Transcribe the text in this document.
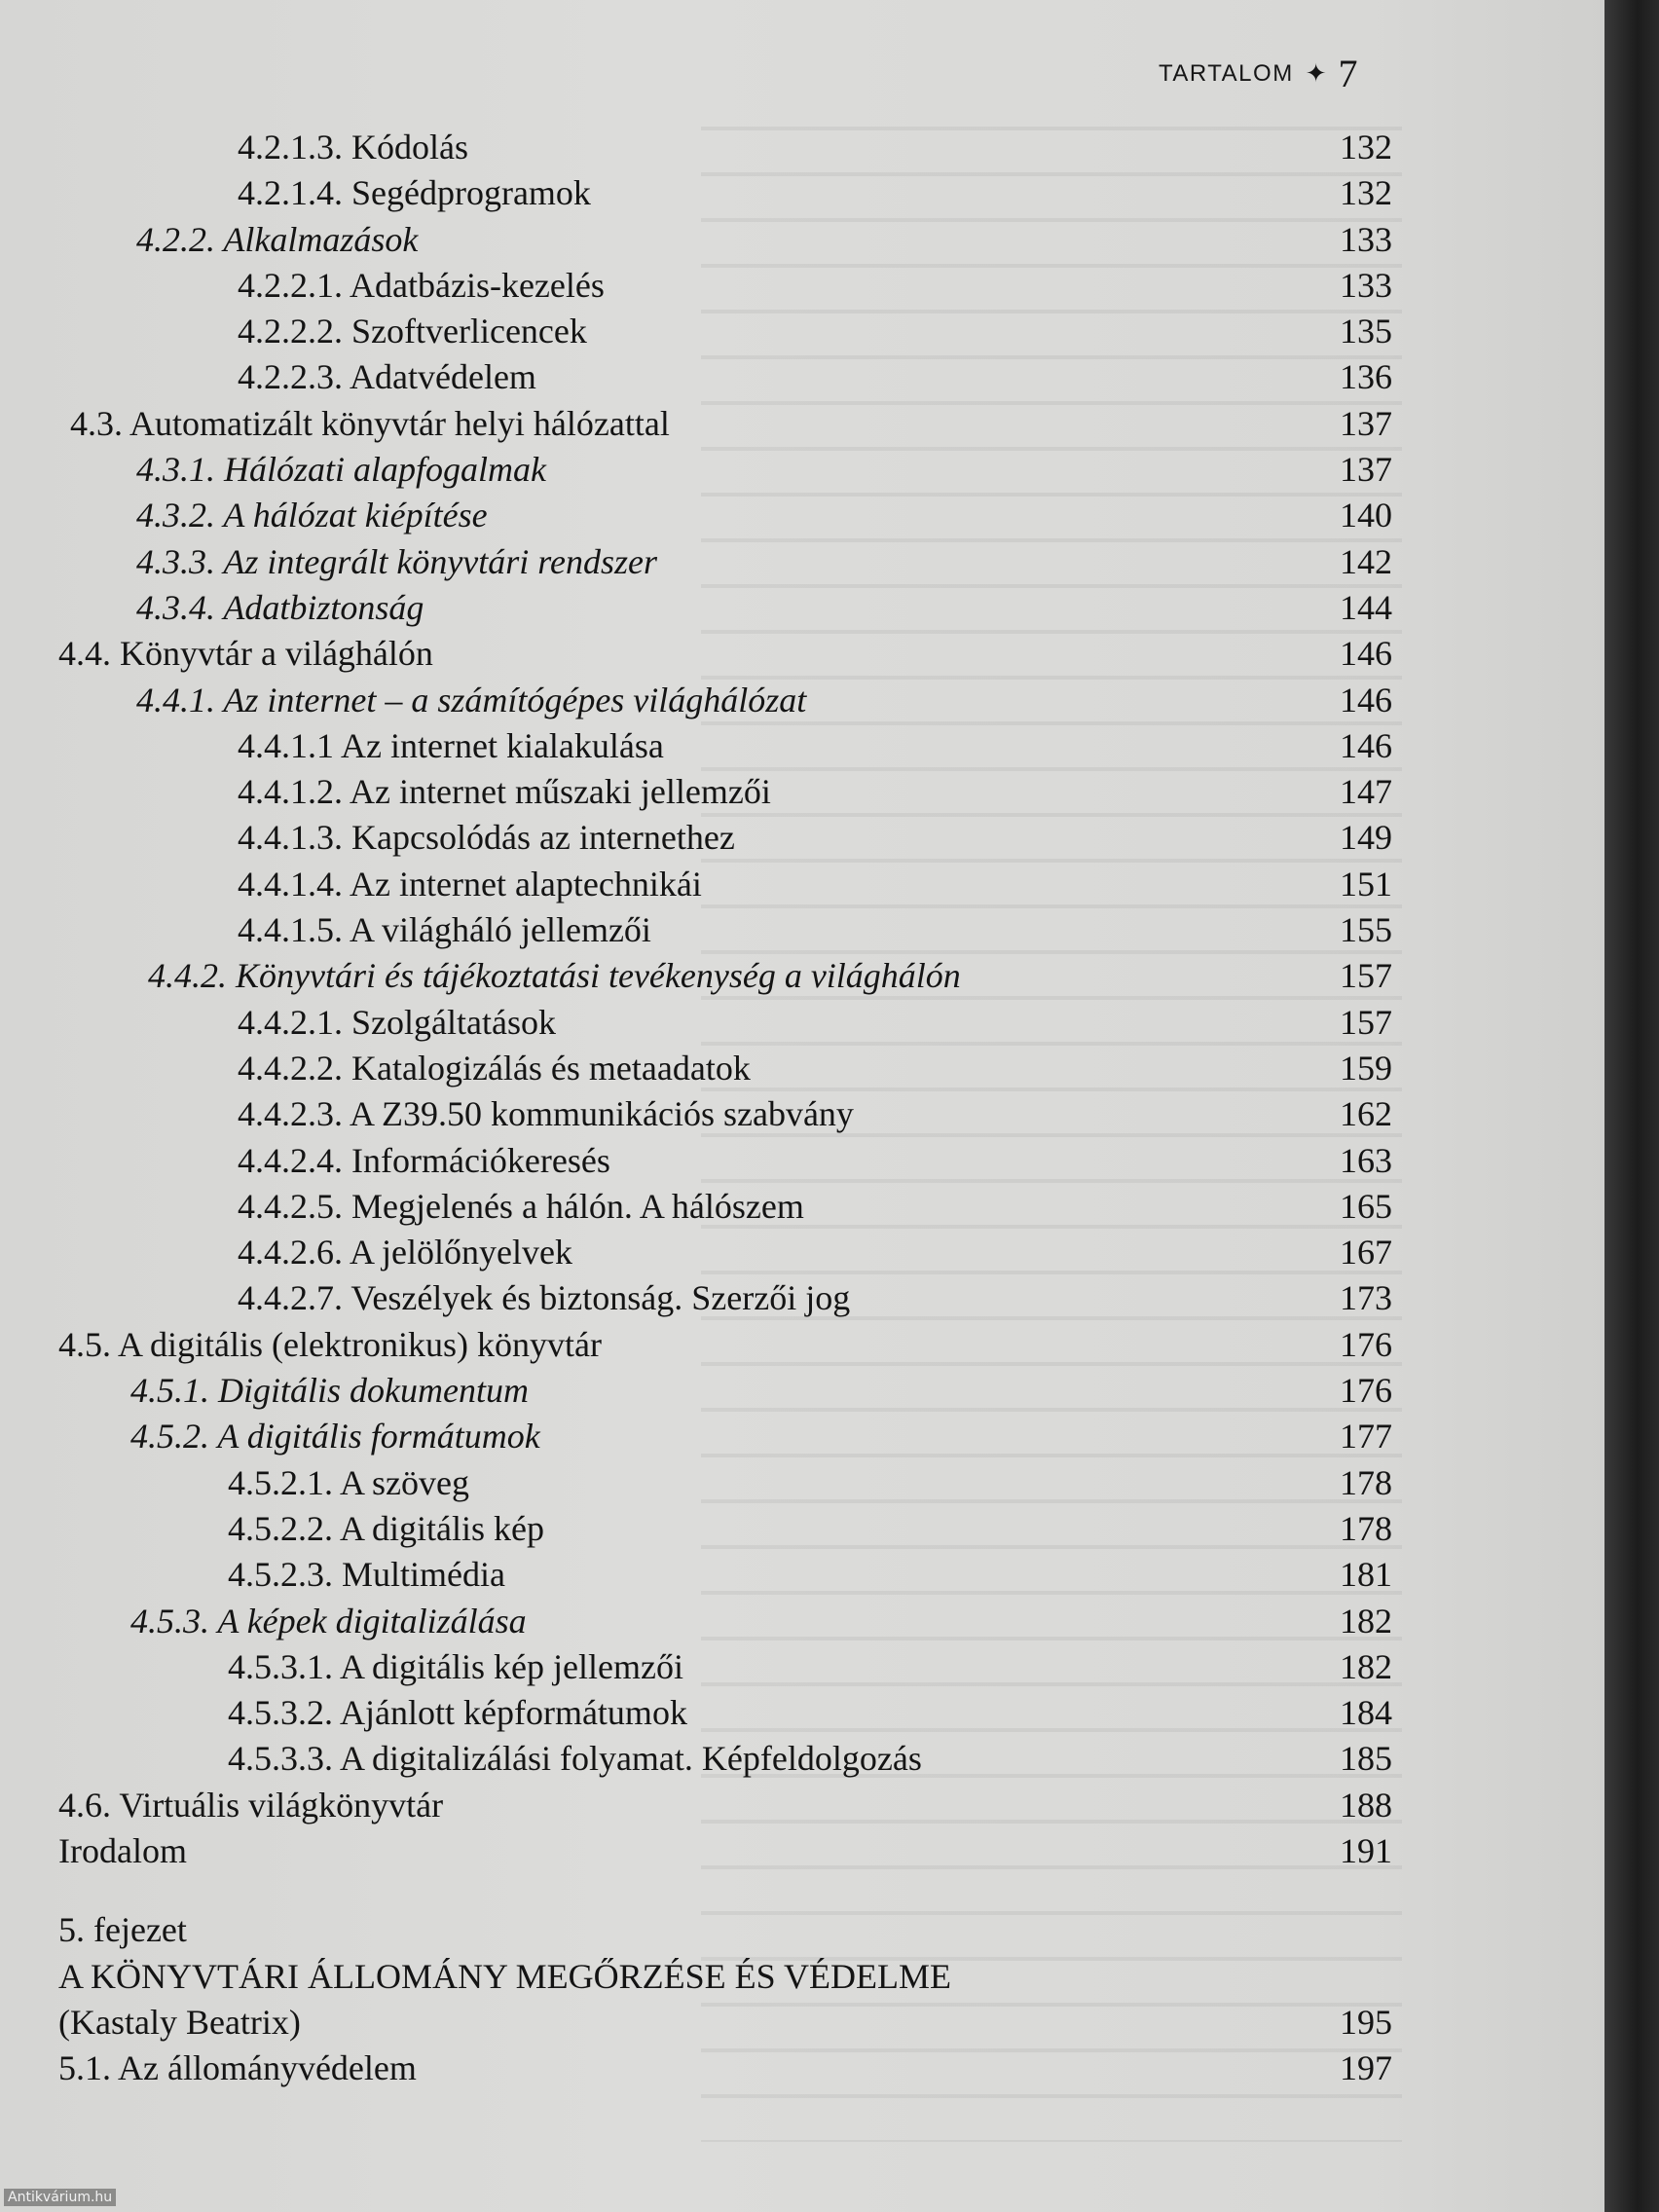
TARTALOM ✦ 7
4.2.1.3. Kódolás	132
4.2.1.4. Segédprogramok	132
4.2.2. Alkalmazások	133
4.2.2.1. Adatbázis-kezelés	133
4.2.2.2. Szoftverlicencek	135
4.2.2.3. Adatvédelem	136
4.3. Automatizált könyvtár helyi hálózattal	137
4.3.1. Hálózati alapfogalmak	137
4.3.2. A hálózat kiépítése	140
4.3.3. Az integrált könyvtári rendszer	142
4.3.4. Adatbiztonság	144
4.4. Könyvtár a világhálón	146
4.4.1. Az internet – a számítógépes világhálózat	146
4.4.1.1 Az internet kialakulása	146
4.4.1.2. Az internet műszaki jellemzői	147
4.4.1.3. Kapcsolódás az internethez	149
4.4.1.4. Az internet alaptechnikái	151
4.4.1.5. A világháló jellemzői	155
4.4.2. Könyvtári és tájékoztatási tevékenység a világhálón	157
4.4.2.1. Szolgáltatások	157
4.4.2.2. Katalogizálás és metaadatok	159
4.4.2.3. A Z39.50 kommunikációs szabvány	162
4.4.2.4. Információkeresés	163
4.4.2.5. Megjelenés a hálón. A hálószem	165
4.4.2.6. A jelölőnyelvek	167
4.4.2.7. Veszélyek és biztonság. Szerzői jog	173
4.5. A digitális (elektronikus) könyvtár	176
4.5.1. Digitális dokumentum	176
4.5.2. A digitális formátumok	177
4.5.2.1. A szöveg	178
4.5.2.2. A digitális kép	178
4.5.2.3. Multimédia	181
4.5.3. A képek digitalizálása	182
4.5.3.1. A digitális kép jellemzői	182
4.5.3.2. Ajánlott képformátumok	184
4.5.3.3. A digitalizálási folyamat. Képfeldolgozás	185
4.6. Virtuális világkönyvtár	188
Irodalom	191
5. fejezet
A KÖNYVTÁRI ÁLLOMÁNY MEGŐRZÉSE ÉS VÉDELME
(Kastaly Beatrix)	195
5.1. Az állományvédelem	197
Antikvárium.hu
